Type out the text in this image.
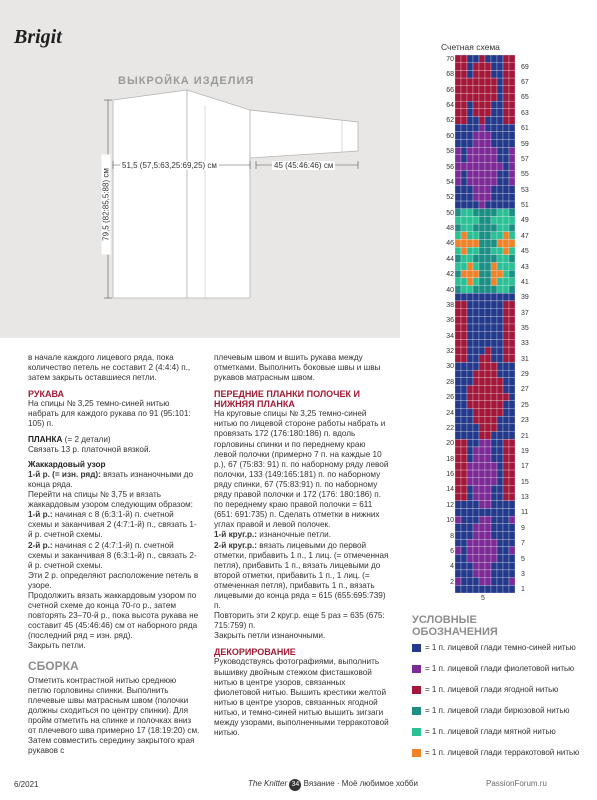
Brigit
ВЫКРОЙКА ИЗДЕЛИЯ
51,5 (57,5:63,25:69,25) см	45 (45:46:46) см
79,5 (82:85,5:88) см

в начале каждого лицевого ряда, пока количество петель не составит 2 (4:4:4) п., затем закрыть оставшиеся петли.

РУКАВА

На спицы № 3,25 темно-синей нитью набрать для каждого рукава по 91 (95:101: 105) п.

ПЛАНКА (= 2 детали)

Связать 13 р. платочной вязкой.

Жаккардовый узор

1-й р. (= изн. ряд): вязать изнаночными до конца ряда.

Перейти на спицы № 3,75 и вязать жаккардовым узором следующим образом:

1-й р.: начиная с 8 (6:3:1-й) п. счетной схемы и заканчивая 2 (4:7:1-й) п., связать 1-й р. счетной схемы.

2-й р.: начиная с 2 (4:7:1-й) п. счетной схемы и заканчивая 8 (6:3:1-й) п., связать 2-й р. счетной схемы.

Эти 2 р. определяют расположение петель в узоре.

Продолжить вязать жаккардовым узором по счетной схеме до конца 70-го р., затем повторять 23–70-й р., пока высота рукава не составит 45 (45:46:46) см от наборного ряда (последний ряд = изн. ряд).

Закрыть петли.

СБОРКА

Отметить контрастной нитью среднюю петлю горловины спинки. Выполнить плечевые швы матрасным швом (полочки должны сходиться по центру спинки). Для пройм отметить на спинке и полочках вниз от плечевого шва примерно 17 (18:19:20) см. Затем совместить середину закрытого края рукавов с

плечевым швом и вшить рукава между отметками. Выполнить боковые швы и швы рукавов матрасным швом.

ПЕРЕДНИЕ ПЛАНКИ ПОЛОЧЕК И НИЖНЯЯ ПЛАНКА

На круговые спицы № 3,25 темно-синей нитью по лицевой стороне работы набрать и провязать 172 (176:180:186) п. вдоль горловины спинки и по переднему краю левой полочки (примерно 7 п. на каждые 10 р.), 67 (75:83: 91) п. по наборному ряду левой полочки, 133 (149:165:181) п. по наборному ряду спинки, 67 (75:83:91) п. по наборному ряду правой полочки и 172 (176: 180:186) п. по переднему краю правой полочки = 611 (651: 691:735) п. Сделать отметки в нижних углах правой и левой полочек.

1-й круг.р.: изнаночные петли.

2-й круг.р.: вязать лицевыми до первой отметки, прибавить 1 п., 1 лиц. (= отмеченная петля), прибавить 1 п., вязать лицевыми до второй отметки, прибавить 1 п., 1 лиц. (= отмеченная петля), прибавить 1 п., вязать лицевыми до конца ряда = 615 (655:695:739) п.

Повторить эти 2 круг.р. еще 5 раз = 635 (675: 715:759) п.

Закрыть петли изнаночными.

ДЕКОРИРОВАНИЕ

Руководствуясь фотографиями, выполнить вышивку двойным стежком фисташковой нитью в центре узоров, связанных фиолетовой нитью. Вышить крестики желтой нитью в центре узоров, связанных ягодной нитью, и темно-синей нитью вышить зигзаги между узорами, выполненными терракотовой нитью.

Счетная схема
70
68
66
64
62
60
58
56
54
52
50
48
46
44
42
40
38
36
34
32
30
28
26
24
22
20
18
16
14
12
10
8
6
4
2
69
67
65
63
61
59
57
55
53
51
49
47
45
43
41
39
37
35
33
31
29
27
25
23
21
19
17
15
13
11
9
7
5
3
1
5
УСЛОВНЫЕ
ОБОЗНАЧЕНИЯ
= 1 п. лицевой глади темно-синей нитью
= 1 п. лицевой глади фиолетовой нитью
= 1 п. лицевой глади ягодной нитью
= 1 п. лицевой глади бирюзовой нитью
= 1 п. лицевой глади мятной нитью
= 1 п. лицевой глади терракотовой нитью
6/2021	The Knitter 34 Вязание · Моё любимое хобби	PassionForum.ru
